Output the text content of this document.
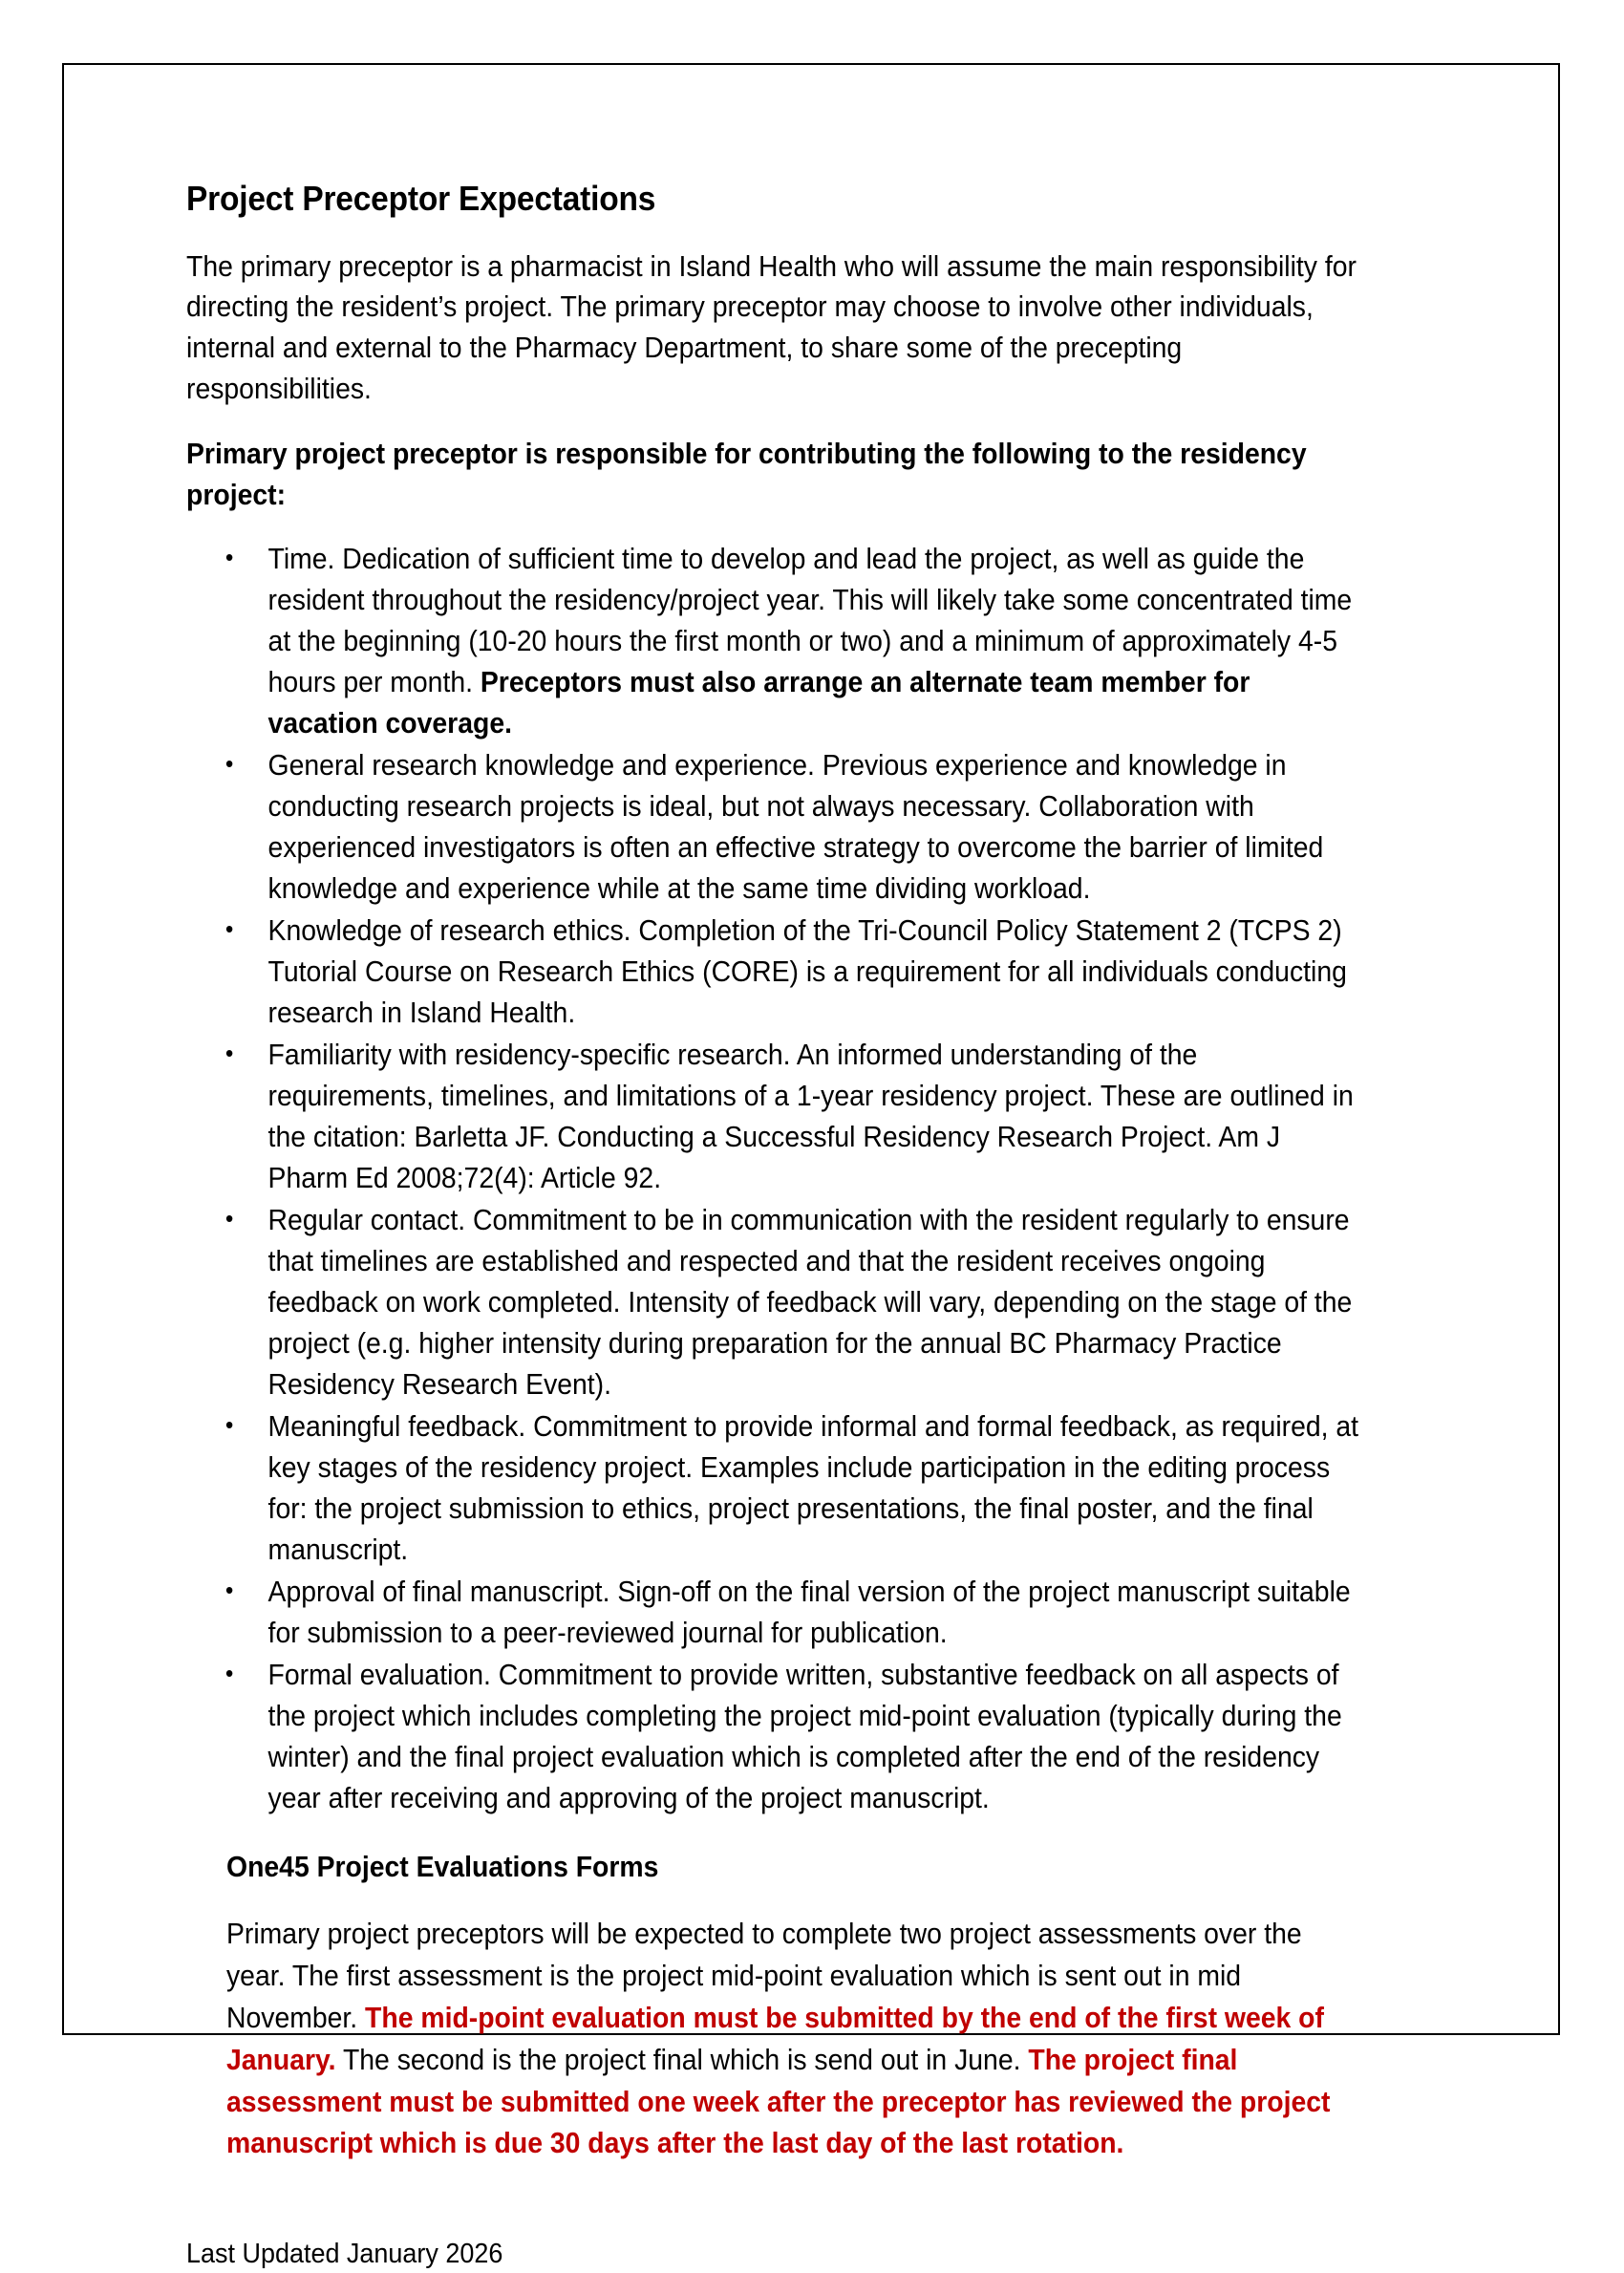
Project Preceptor Expectations

The primary preceptor is a pharmacist in Island Health who will assume the main responsibility for directing the resident’s project. The primary preceptor may choose to involve other individuals, internal and external to the Pharmacy Department, to share some of the precepting responsibilities.

Primary project preceptor is responsible for contributing the following to the residency project:

• Time. Dedication of sufficient time to develop and lead the project, as well as guide the resident throughout the residency/project year. This will likely take some concentrated time at the beginning (10-20 hours the first month or two) and a minimum of approximately 4-5 hours per month. Preceptors must also arrange an alternate team member for vacation coverage.
• General research knowledge and experience. Previous experience and knowledge in conducting research projects is ideal, but not always necessary. Collaboration with experienced investigators is often an effective strategy to overcome the barrier of limited knowledge and experience while at the same time dividing workload.
• Knowledge of research ethics. Completion of the Tri-Council Policy Statement 2 (TCPS 2) Tutorial Course on Research Ethics (CORE) is a requirement for all individuals conducting research in Island Health.
• Familiarity with residency-specific research. An informed understanding of the requirements, timelines, and limitations of a 1-year residency project. These are outlined in the citation: Barletta JF. Conducting a Successful Residency Research Project. Am J Pharm Ed 2008;72(4): Article 92.
• Regular contact. Commitment to be in communication with the resident regularly to ensure that timelines are established and respected and that the resident receives ongoing feedback on work completed. Intensity of feedback will vary, depending on the stage of the project (e.g. higher intensity during preparation for the annual BC Pharmacy Practice Residency Research Event).
• Meaningful feedback. Commitment to provide informal and formal feedback, as required, at key stages of the residency project. Examples include participation in the editing process for: the project submission to ethics, project presentations, the final poster, and the final manuscript.
• Approval of final manuscript. Sign-off on the final version of the project manuscript suitable for submission to a peer-reviewed journal for publication.
• Formal evaluation. Commitment to provide written, substantive feedback on all aspects of the project which includes completing the project mid-point evaluation (typically during the winter) and the final project evaluation which is completed after the end of the residency year after receiving and approving of the project manuscript.
One45 Project Evaluations Forms

Primary project preceptors will be expected to complete two project assessments over the year. The first assessment is the project mid-point evaluation which is sent out in mid November. The mid-point evaluation must be submitted by the end of the first week of January. The second is the project final which is send out in June. The project final assessment must be submitted one week after the preceptor has reviewed the project manuscript which is due 30 days after the last day of the last rotation.

Last Updated January 2026
